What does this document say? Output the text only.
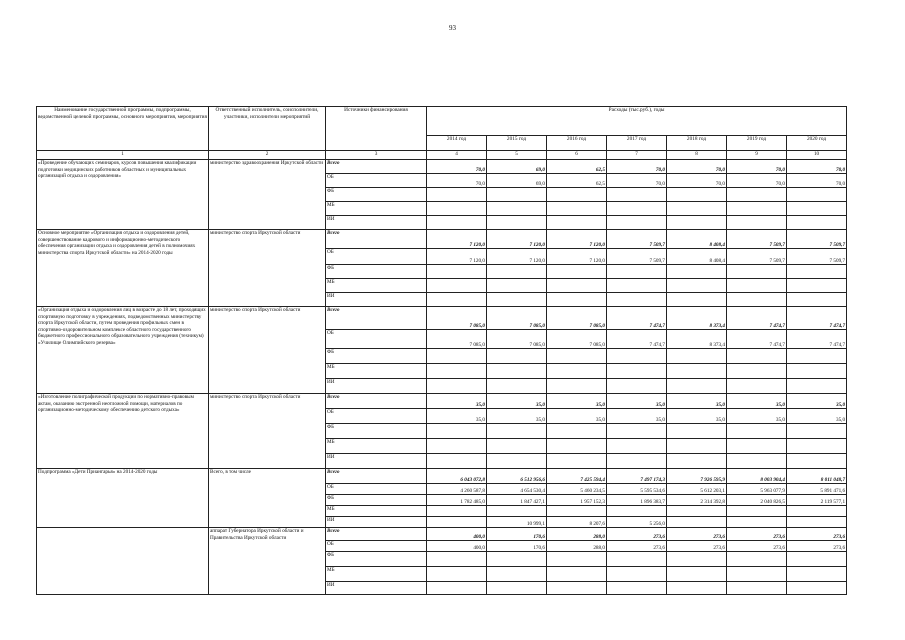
93
Наименование государственной программы, подпрограммы, ведомственной целевой программы, основного мероприятия, мероприятия	Ответственный исполнитель, соисполнители, участники, исполнители мероприятий	Источники финансирования	Расходы (тыс.руб.), годы						
			2014 год	2015 год	2016 год	2017 год	2018 год	2019 год	2020 год
1	2	3	4	5	6	7	8	9	10
«Проведение обучающих семинаров, курсов повышения квалификации подготовки медицинских работников областных и муниципальных организаций отдыха и оздоровления»	министерство здравоохранения Иркутской области	Всего	70,0	69,0	62,5	70,0	70,0	70,0	70,0
		ОБ	70,0	69,0	62,5	70,0	70,0	70,0	70,0
		ФБ							
		МБ							
		ИИ							
Основное мероприятие «Организация отдыха и оздоровления детей, совершенствование кадрового и информационно-методического обеспечения организации отдыха и оздоровления детей в полномочиях министерства спорта Иркутской области» на 2014-2020 годы	министерство спорта Иркутской области	Всего	7 120,0	7 120,0	7 120,0	7 509,7	8 408,4	7 509,7	7 509,7
		ОБ	7 120,0	7 120,0	7 120,0	7 509,7	8 408,4	7 509,7	7 509,7
		ФБ							
		МБ							
		ИИ							
«Организация отдыха и оздоровления лиц в возрасте до 18 лет, проходящих спортивную подготовку в учреждениях, подведомственных министерству спорта Иркутской области, путем проведения профильных смен в спортивно-оздоровительном комплексе областного государственного бюджетного профессионального образовательного учреждения (техникум) «Училище Олимпийского резерва»	министерство спорта Иркутской области	Всего	7 085,0	7 085,0	7 085,0	7 474,7	8 373,4	7 474,7	7 474,7
		ОБ	7 085,0	7 085,0	7 085,0	7 474,7	8 373,4	7 474,7	7 474,7
		ФБ							
		МБ							
		ИИ							
«Изготовление полиграфической продукции по нормативно-правовым актам, оказанию экстренной неотложной помощи, материалов по организационно-методическому обеспечению детского отдыха»	министерство спорта Иркутской области	Всего	35,0	35,0	35,0	35,0	35,0	35,0	35,0
		ОБ	35,0	35,0	35,0	35,0	35,0	35,0	35,0
		ФБ							
		МБ							
		ИИ							
Подпрограмма «Дети Приангарья» на 2014-2020 годы	Всего, в том числе	Всего	6 043 072,8	6 512 956,6	7 425 594,4	7 497 174,3	7 926 595,9	8 003 904,4	8 011 048,7
		ОБ	4 260 587,8	4 654 530,4	5 460 234,5	5 595 534,6	5 612 203,1	5 963 077,9	5 891 471,6
		ФБ	1 782 485,0	1 847 427,1	1 957 152,3	1 896 383,7	2 314 392,8	2 040 826,5	2 119 577,1
		МБ							
		ИИ		10 999,1	8 207,6	5 256,0			
	аппарат Губернатора Иркутской области и Правительства Иркутской области	Всего	400,0	170,6	288,0	273,6	273,6	273,6	273,6
		ОБ	400,0	170,6	288,0	273,6	273,6	273,6	273,6
		ФБ							
		МБ							
		ИИ							
